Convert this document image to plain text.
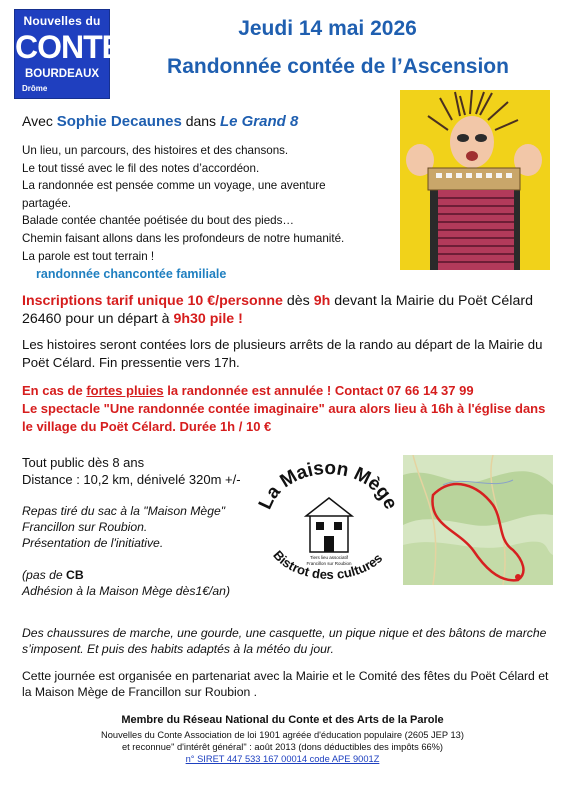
Nouvelles du
CONTE
BOURDEAUX
Drôme
Jeudi 14 mai 2026
Randonnée contée de l’Ascension
Avec Sophie Decaunes dans Le Grand 8
Un lieu, un parcours, des histoires et des chansons.
Le tout tissé avec le fil des notes d’accordéon.
La randonnée est pensée comme un voyage, une aventure
partagée.
Balade contée chantée poétisée du bout des pieds…
Chemin faisant allons dans les profondeurs de notre humanité.
La parole est tout terrain !
randonnée chancontée familiale
Inscriptions tarif unique 10 €/personne dès 9h devant la Mairie du Poët Célard 26460 pour un départ à 9h30 pile !
Les histoires seront contées lors de plusieurs arrêts de la rando au départ de la Mairie du Poët Célard. Fin pressentie vers 17h.
En cas de fortes pluies la randonnée est annulée ! Contact 07 66 14 37 99
Le spectacle "Une randonnée contée imaginaire" aura alors lieu à 16h à l'église dans le village du Poët Célard. Durée 1h / 10 €
Tout public dès 8 ans
Distance : 10,2 km, dénivelé 320m +/-
Repas tiré du sac à la "Maison Mège"
Francillon sur Roubion.
Présentation de l'initiative.
(pas de CB
Adhésion à la Maison Mège dès1€/an)
a Maison Mèg
Tiers lieu associatif
Francillon sur Roubion
Bistrot des cultures
Des chaussures de marche, une gourde, une casquette, un pique nique et des bâtons de marche s’imposent. Et puis des habits adaptés à la météo du jour.
Cette journée est organisée en partenariat avec la Mairie et le Comité des fêtes du Poët Célard et la Maison Mège de Francillon sur Roubion .
Membre du Réseau National du Conte et des Arts de la Parole
Nouvelles du Conte Association de loi 1901 agréée d'éducation populaire (2605 JEP 13)
et reconnue" d'intérêt général" : août 2013 (dons déductibles des impôts 66%)
n° SIRET 447 533 167 00014 code APE 9001Z
